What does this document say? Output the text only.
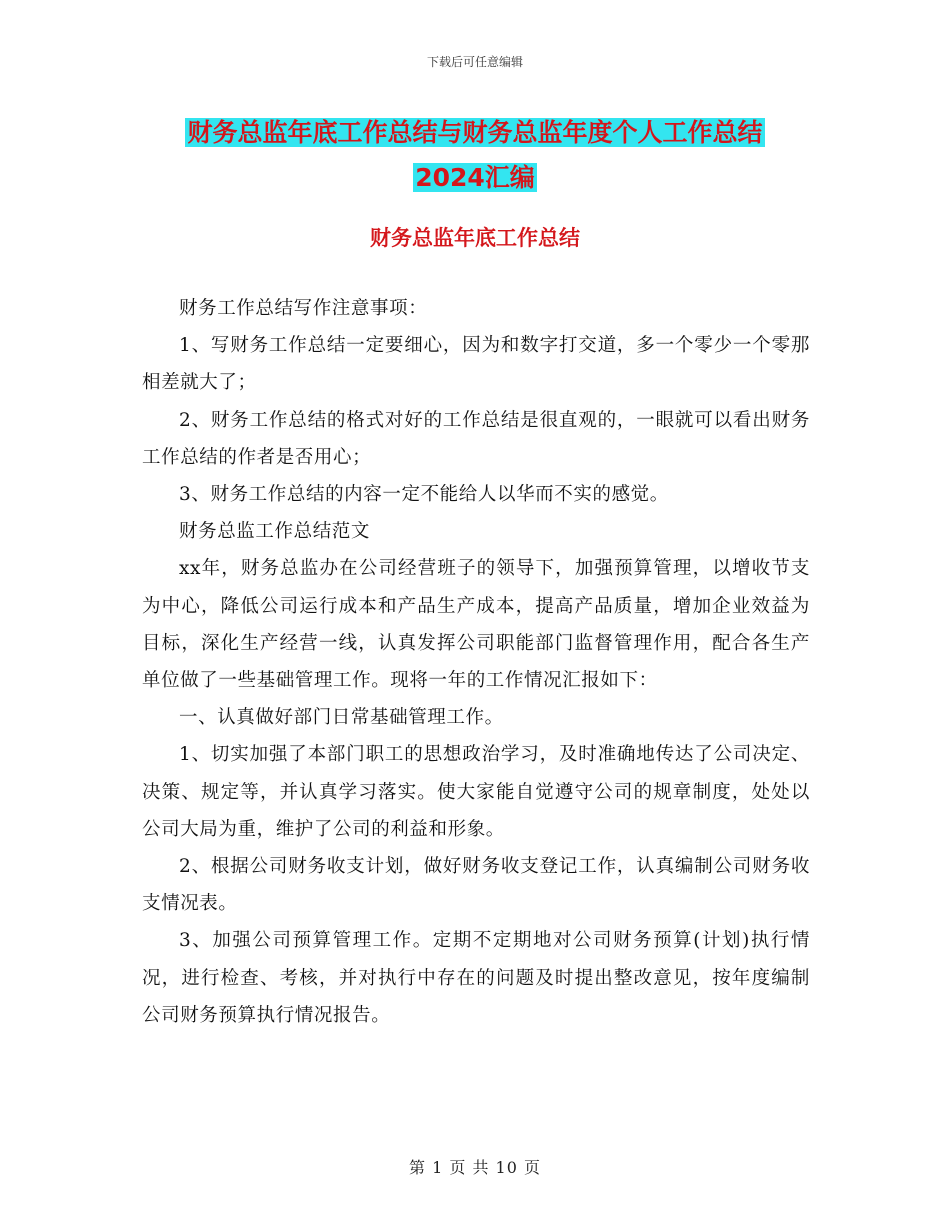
下载后可任意编辑
财务总监年底工作总结与财务总监年度个人工作总结
2024汇编
财务总监年底工作总结

财务工作总结写作注意事项：

1、写财务工作总结一定要细心，因为和数字打交道，多一个零少一个零那相差就大了；

2、财务工作总结的格式对好的工作总结是很直观的，一眼就可以看出财务工作总结的作者是否用心；

3、财务工作总结的内容一定不能给人以华而不实的感觉。

财务总监工作总结范文

xx年，财务总监办在公司经营班子的领导下，加强预算管理，以增收节支为中心，降低公司运行成本和产品生产成本，提高产品质量，增加企业效益为目标，深化生产经营一线，认真发挥公司职能部门监督管理作用，配合各生产单位做了一些基础管理工作。现将一年的工作情况汇报如下：

一、认真做好部门日常基础管理工作。

1、切实加强了本部门职工的思想政治学习，及时准确地传达了公司决定、决策、规定等，并认真学习落实。使大家能自觉遵守公司的规章制度，处处以公司大局为重，维护了公司的利益和形象。

2、根据公司财务收支计划，做好财务收支登记工作，认真编制公司财务收支情况表。

3、加强公司预算管理工作。定期不定期地对公司财务预算(计划)执行情况，进行检查、考核，并对执行中存在的问题及时提出整改意见，按年度编制公司财务预算执行情况报告。

第 1 页 共 10 页
